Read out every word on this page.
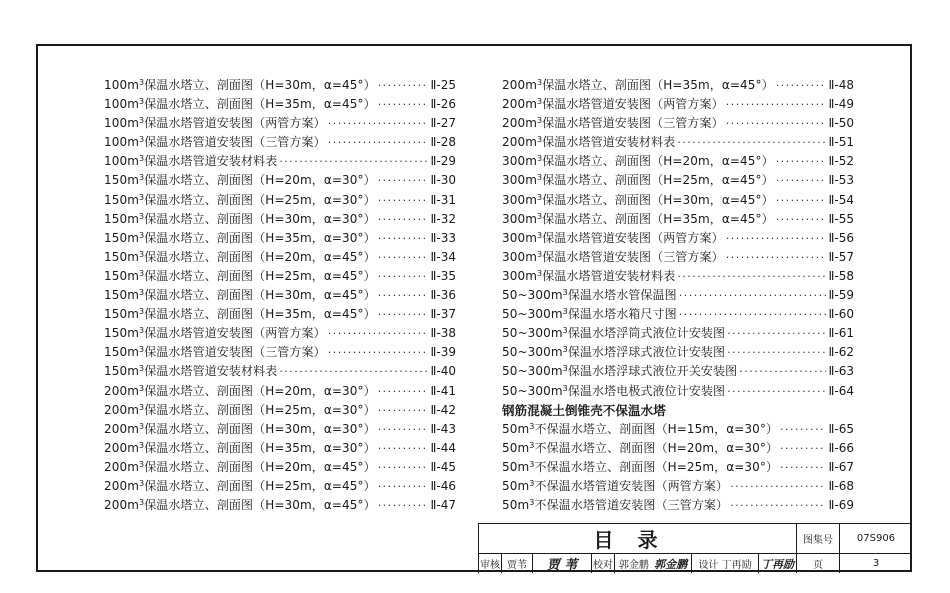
$100m^3$保温水塔立、剖面图（H=30m，α=45°） ·····	Ⅱ-25
$100m^3$保温水塔立、剖面图（H=35m，α=45°） ·····	Ⅱ-26
$100m^3$保温水塔管道安装图（两管方案） ·····	Ⅱ-27
$100m^3$保温水塔管道安装图（三管方案） ·····	Ⅱ-28
$100m^3$保温水塔管道安装材料表 ·····	Ⅱ-29
$150m^3$保温水塔立、剖面图（H=20m，α=30°） ·····	Ⅱ-30
$150m^3$保温水塔立、剖面图（H=25m，α=30°） ·····	Ⅱ-31
$150m^3$保温水塔立、剖面图（H=30m，α=30°） ·····	Ⅱ-32
$150m^3$保温水塔立、剖面图（H=35m，α=30°） ·····	Ⅱ-33
$150m^3$保温水塔立、剖面图（H=20m，α=45°） ·····	Ⅱ-34
$150m^3$保温水塔立、剖面图（H=25m，α=45°） ·····	Ⅱ-35
$150m^3$保温水塔立、剖面图（H=30m，α=45°） ·····	Ⅱ-36
$150m^3$保温水塔立、剖面图（H=35m，α=45°） ·····	Ⅱ-37
$150m^3$保温水塔管道安装图（两管方案） ·····	Ⅱ-38
$150m^3$保温水塔管道安装图（三管方案） ·····	Ⅱ-39
$150m^3$保温水塔管道安装材料表 ·····	Ⅱ-40
$200m^3$保温水塔立、剖面图（H=20m，α=30°） ·····	Ⅱ-41
$200m^3$保温水塔立、剖面图（H=25m，α=30°） ·····	Ⅱ-42
$200m^3$保温水塔立、剖面图（H=30m，α=30°） ·····	Ⅱ-43
$200m^3$保温水塔立、剖面图（H=35m，α=30°） ·····	Ⅱ-44
$200m^3$保温水塔立、剖面图（H=20m，α=45°） ·····	Ⅱ-45
$200m^3$保温水塔立、剖面图（H=25m，α=45°） ·····	Ⅱ-46
$200m^3$保温水塔立、剖面图（H=30m，α=45°） ·····	Ⅱ-47
$200m^3$保温水塔立、剖面图（H=35m，α=45°） ·····	Ⅱ-48
$200m^3$保温水塔管道安装图（两管方案） ·····	Ⅱ-49
$200m^3$保温水塔管道安装图（三管方案） ·····	Ⅱ-50
$200m^3$保温水塔管道安装材料表 ·····	Ⅱ-51
$300m^3$保温水塔立、剖面图（H=20m，α=45°） ·····	Ⅱ-52
$300m^3$保温水塔立、剖面图（H=25m，α=45°） ·····	Ⅱ-53
$300m^3$保温水塔立、剖面图（H=30m，α=45°） ·····	Ⅱ-54
$300m^3$保温水塔立、剖面图（H=35m，α=45°） ·····	Ⅱ-55
$300m^3$保温水塔管道安装图（两管方案） ·····	Ⅱ-56
$300m^3$保温水塔管道安装图（三管方案） ·····	Ⅱ-57
$300m^3$保温水塔管道安装材料表 ·····	Ⅱ-58
$50\sim 300m^3$保温水塔水管保温图 ·····	Ⅱ-59
$50\sim 300m^3$保温水塔水箱尺寸图 ·····	Ⅱ-60
$50\sim 300m^3$保温水塔浮筒式液位计安装图 ·····	Ⅱ-61
$50\sim 300m^3$保温水塔浮球式液位计安装图 ·····	Ⅱ-62
$50\sim 300m^3$保温水塔浮球式液位开关安装图 ·····	Ⅱ-63
$50\sim 300m^3$保温水塔电极式液位计安装图 ·····	Ⅱ-64
钢筋混凝土倒锥壳不保温水塔
$50m^3$不保温水塔立、剖面图（H=15m，α=30°） ·····	Ⅱ-65
$50m^3$不保温水塔立、剖面图（H=20m，α=30°） ·····	Ⅱ-66
$50m^3$不保温水塔立、剖面图（H=25m，α=30°） ·····	Ⅱ-67
$50m^3$不保温水塔管道安装图（两管方案） ·····	Ⅱ-68
$50m^3$不保温水塔管道安装图（三管方案） ·····	Ⅱ-69
目录							图集号	07S906
审核	贾苇	贾 苇	校对	郭金鹏 郭金鹏	设计 丁再励	丁再励	页	3
